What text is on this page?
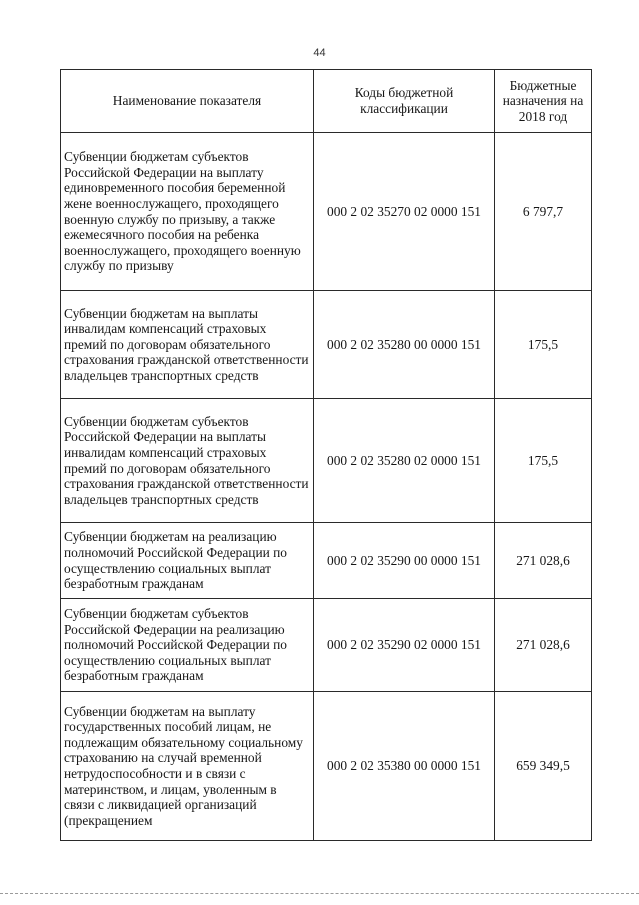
44
Наименование показателя	Коды бюджетной классификации	Бюджетные назначения на 2018 год
Субвенции бюджетам субъектов Российской Федерации на выплату единовременного пособия беременной жене военнослужащего, проходящего военную службу по призыву, а также ежемесячного пособия на ребенка военнослужащего, проходящего военную службу по призыву	000 2 02 35270 02 0000 151	6 797,7
Субвенции бюджетам на выплаты инвалидам компенсаций страховых премий по договорам обязательного страхования гражданской ответственности владельцев транспортных средств	000 2 02 35280 00 0000 151	175,5
Субвенции бюджетам субъектов Российской Федерации на выплаты инвалидам компенсаций страховых премий по договорам обязательного страхования гражданской ответственности владельцев транспортных средств	000 2 02 35280 02 0000 151	175,5
Субвенции бюджетам на реализацию полномочий Российской Федерации по осуществлению социальных выплат безработным гражданам	000 2 02 35290 00 0000 151	271 028,6
Субвенции бюджетам субъектов Российской Федерации на реализацию полномочий Российской Федерации по осуществлению социальных выплат безработным гражданам	000 2 02 35290 02 0000 151	271 028,6
Субвенции бюджетам на выплату государственных пособий лицам, не подлежащим обязательному социальному страхованию на случай временной нетрудоспособности и в связи с материнством, и лицам, уволенным в связи с ликвидацией организаций (прекращением	000 2 02 35380 00 0000 151	659 349,5
